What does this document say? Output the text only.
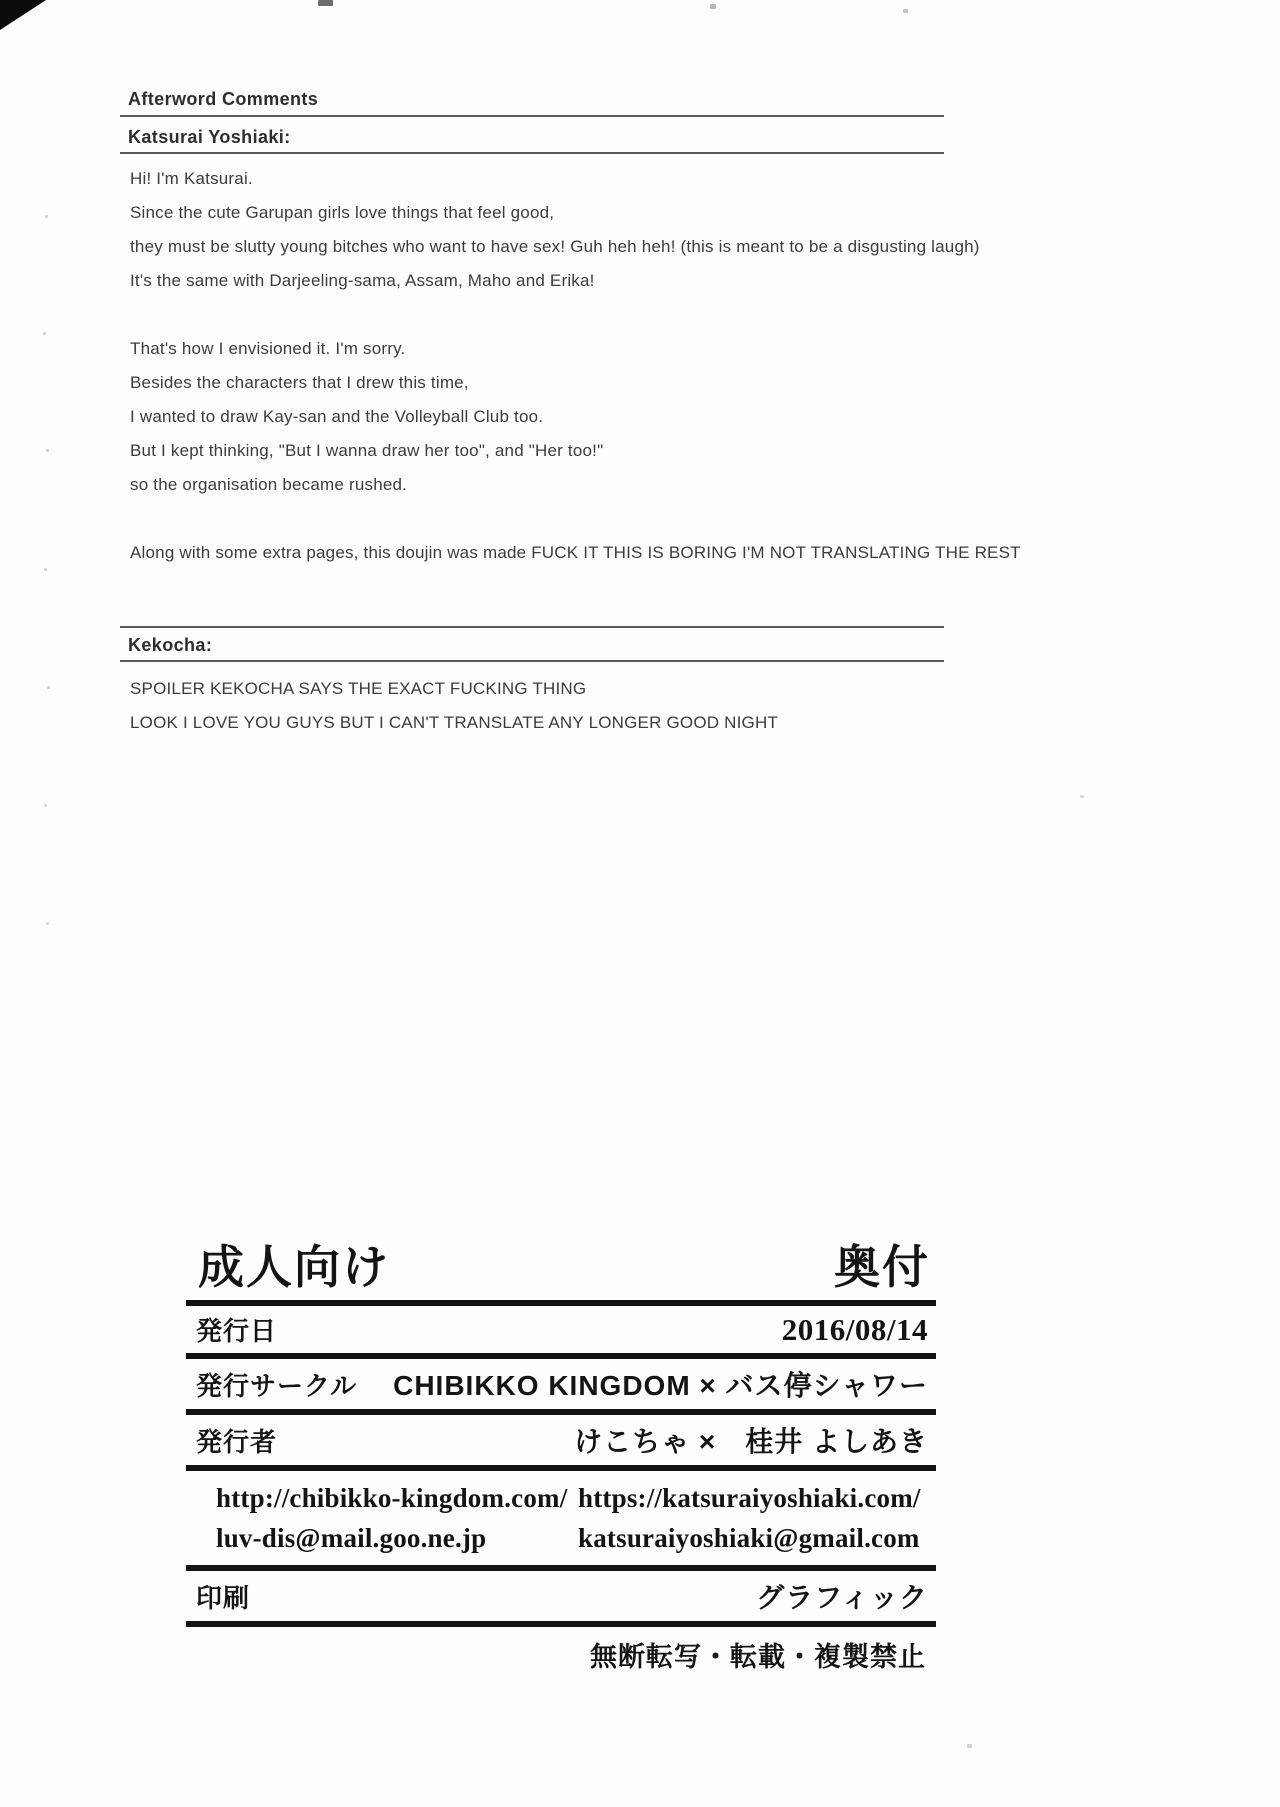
Afterword Comments
Katsurai Yoshiaki:

Hi! I'm Katsurai.

Since the cute Garupan girls love things that feel good,

they must be slutty young bitches who want to have sex! Guh heh heh! (this is meant to be a disgusting laugh)

It's the same with Darjeeling-sama, Assam, Maho and Erika!

That's how I envisioned it. I'm sorry.

Besides the characters that I drew this time,

I wanted to draw Kay-san and the Volleyball Club too.

But I kept thinking, "But I wanna draw her too", and "Her too!"

so the organisation became rushed.

Along with some extra pages, this doujin was made FUCK IT THIS IS BORING I'M NOT TRANSLATING THE REST

Kekocha:

SPOILER KEKOCHA SAYS THE EXACT FUCKING THING

LOOK I LOVE YOU GUYS BUT I CAN'T TRANSLATE ANY LONGER GOOD NIGHT

成人向け	奥付
発行日	2016/08/14
発行サークル CHIBIKKO KINGDOM × バス停シャワー
発行者	けこちゃ ×　桂井 よしあき
http://chibikko-kingdom.com/ https://katsuraiyoshiaki.com/
luv-dis@mail.goo.ne.jp	katsuraiyoshiaki@gmail.com
印刷	グラフィック
無断転写・転載・複製禁止
